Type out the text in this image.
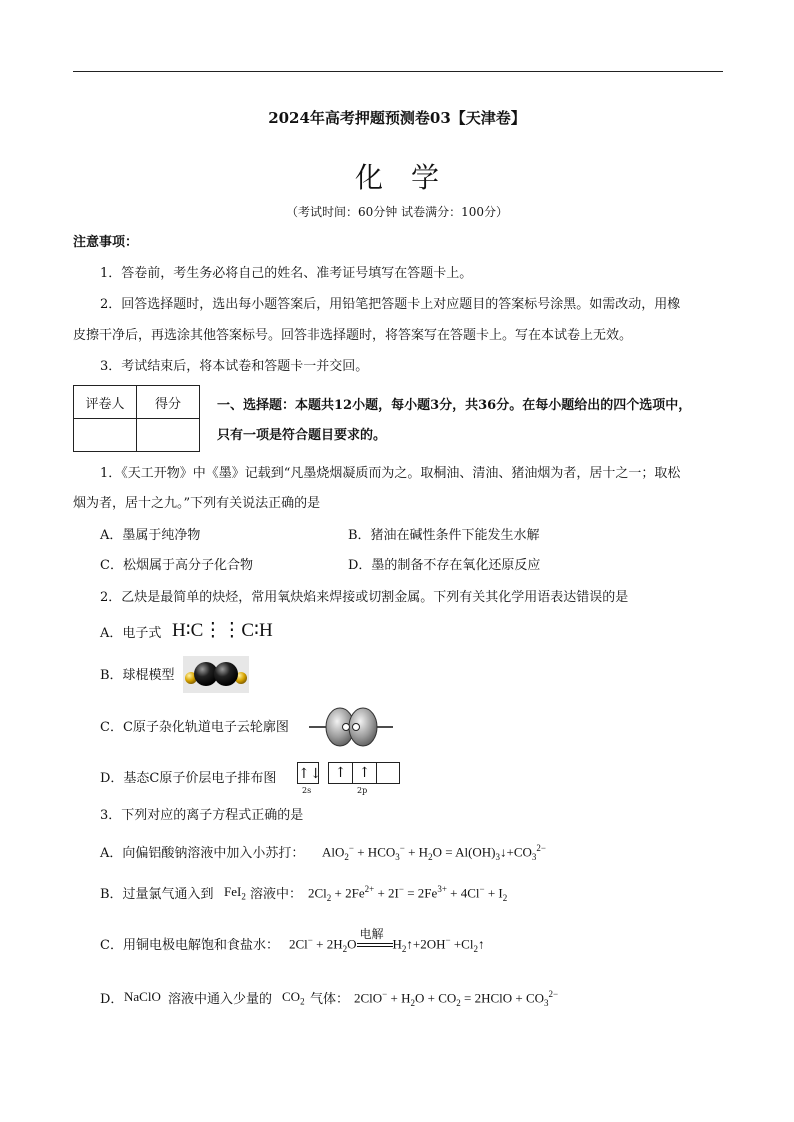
2024年高考押题预测卷03【天津卷】
化学
（考试时间：60分钟 试卷满分：100分）
注意事项：
1．答卷前，考生务必将自己的姓名、准考证号填写在答题卡上。
2．回答选择题时，选出每小题答案后，用铅笔把答题卡上对应题目的答案标号涂黑。如需改动，用橡
皮擦干净后，再选涂其他答案标号。回答非选择题时，将答案写在答题卡上。写在本试卷上无效。
3．考试结束后，将本试卷和答题卡一并交回。
评卷人	得分
		一、选择题：本题共12小题，每小题3分，共36分。在每小题给出的四个选项中，
只有一项是符合题目要求的。
1．《天工开物》中《墨》记载到“凡墨烧烟凝质而为之。取桐油、清油、猪油烟为者，居十之一；取松
烟为者，居十之九。”下列有关说法正确的是
A．墨属于纯净物	B．猪油在碱性条件下能发生水解
C．松烟属于高分子化合物	D．墨的制备不存在氧化还原反应
2．乙炔是最简单的炔烃，常用氧炔焰来焊接或切割金属。下列有关其化学用语表达错误的是
A．电子式 H∶C⋮⋮C∶H
B．球棍模型
C．C原子杂化轨道电子云轮廓图
D．基态C原子价层电子排布图 ↑↓ ↑ ↑
2s	2p
3．下列对应的离子方程式正确的是
A．向偏铝酸钠溶液中加入小苏打： $AlO_2^- + HCO_3^- + H_2O$ = $Al(OH)_3↓+CO_3^{2-}$
B．过量氯气通入到 FeI$_2$ 溶液中： $2Cl_2 + 2Fe^{2+} + 2I^- = 2Fe^{3+} + 4Cl^- + I_2$
C．用铜电极电解饱和食盐水： $2Cl^- + 2H_2O$
电解
$H_2↑+2OH^-$ $+Cl_2↑$
D． NaClO 溶液中通入少量的 $CO_2$ 气体： $2ClO^- + H_2O + CO_2$ = 2HClO + $CO_3^{2-}$
